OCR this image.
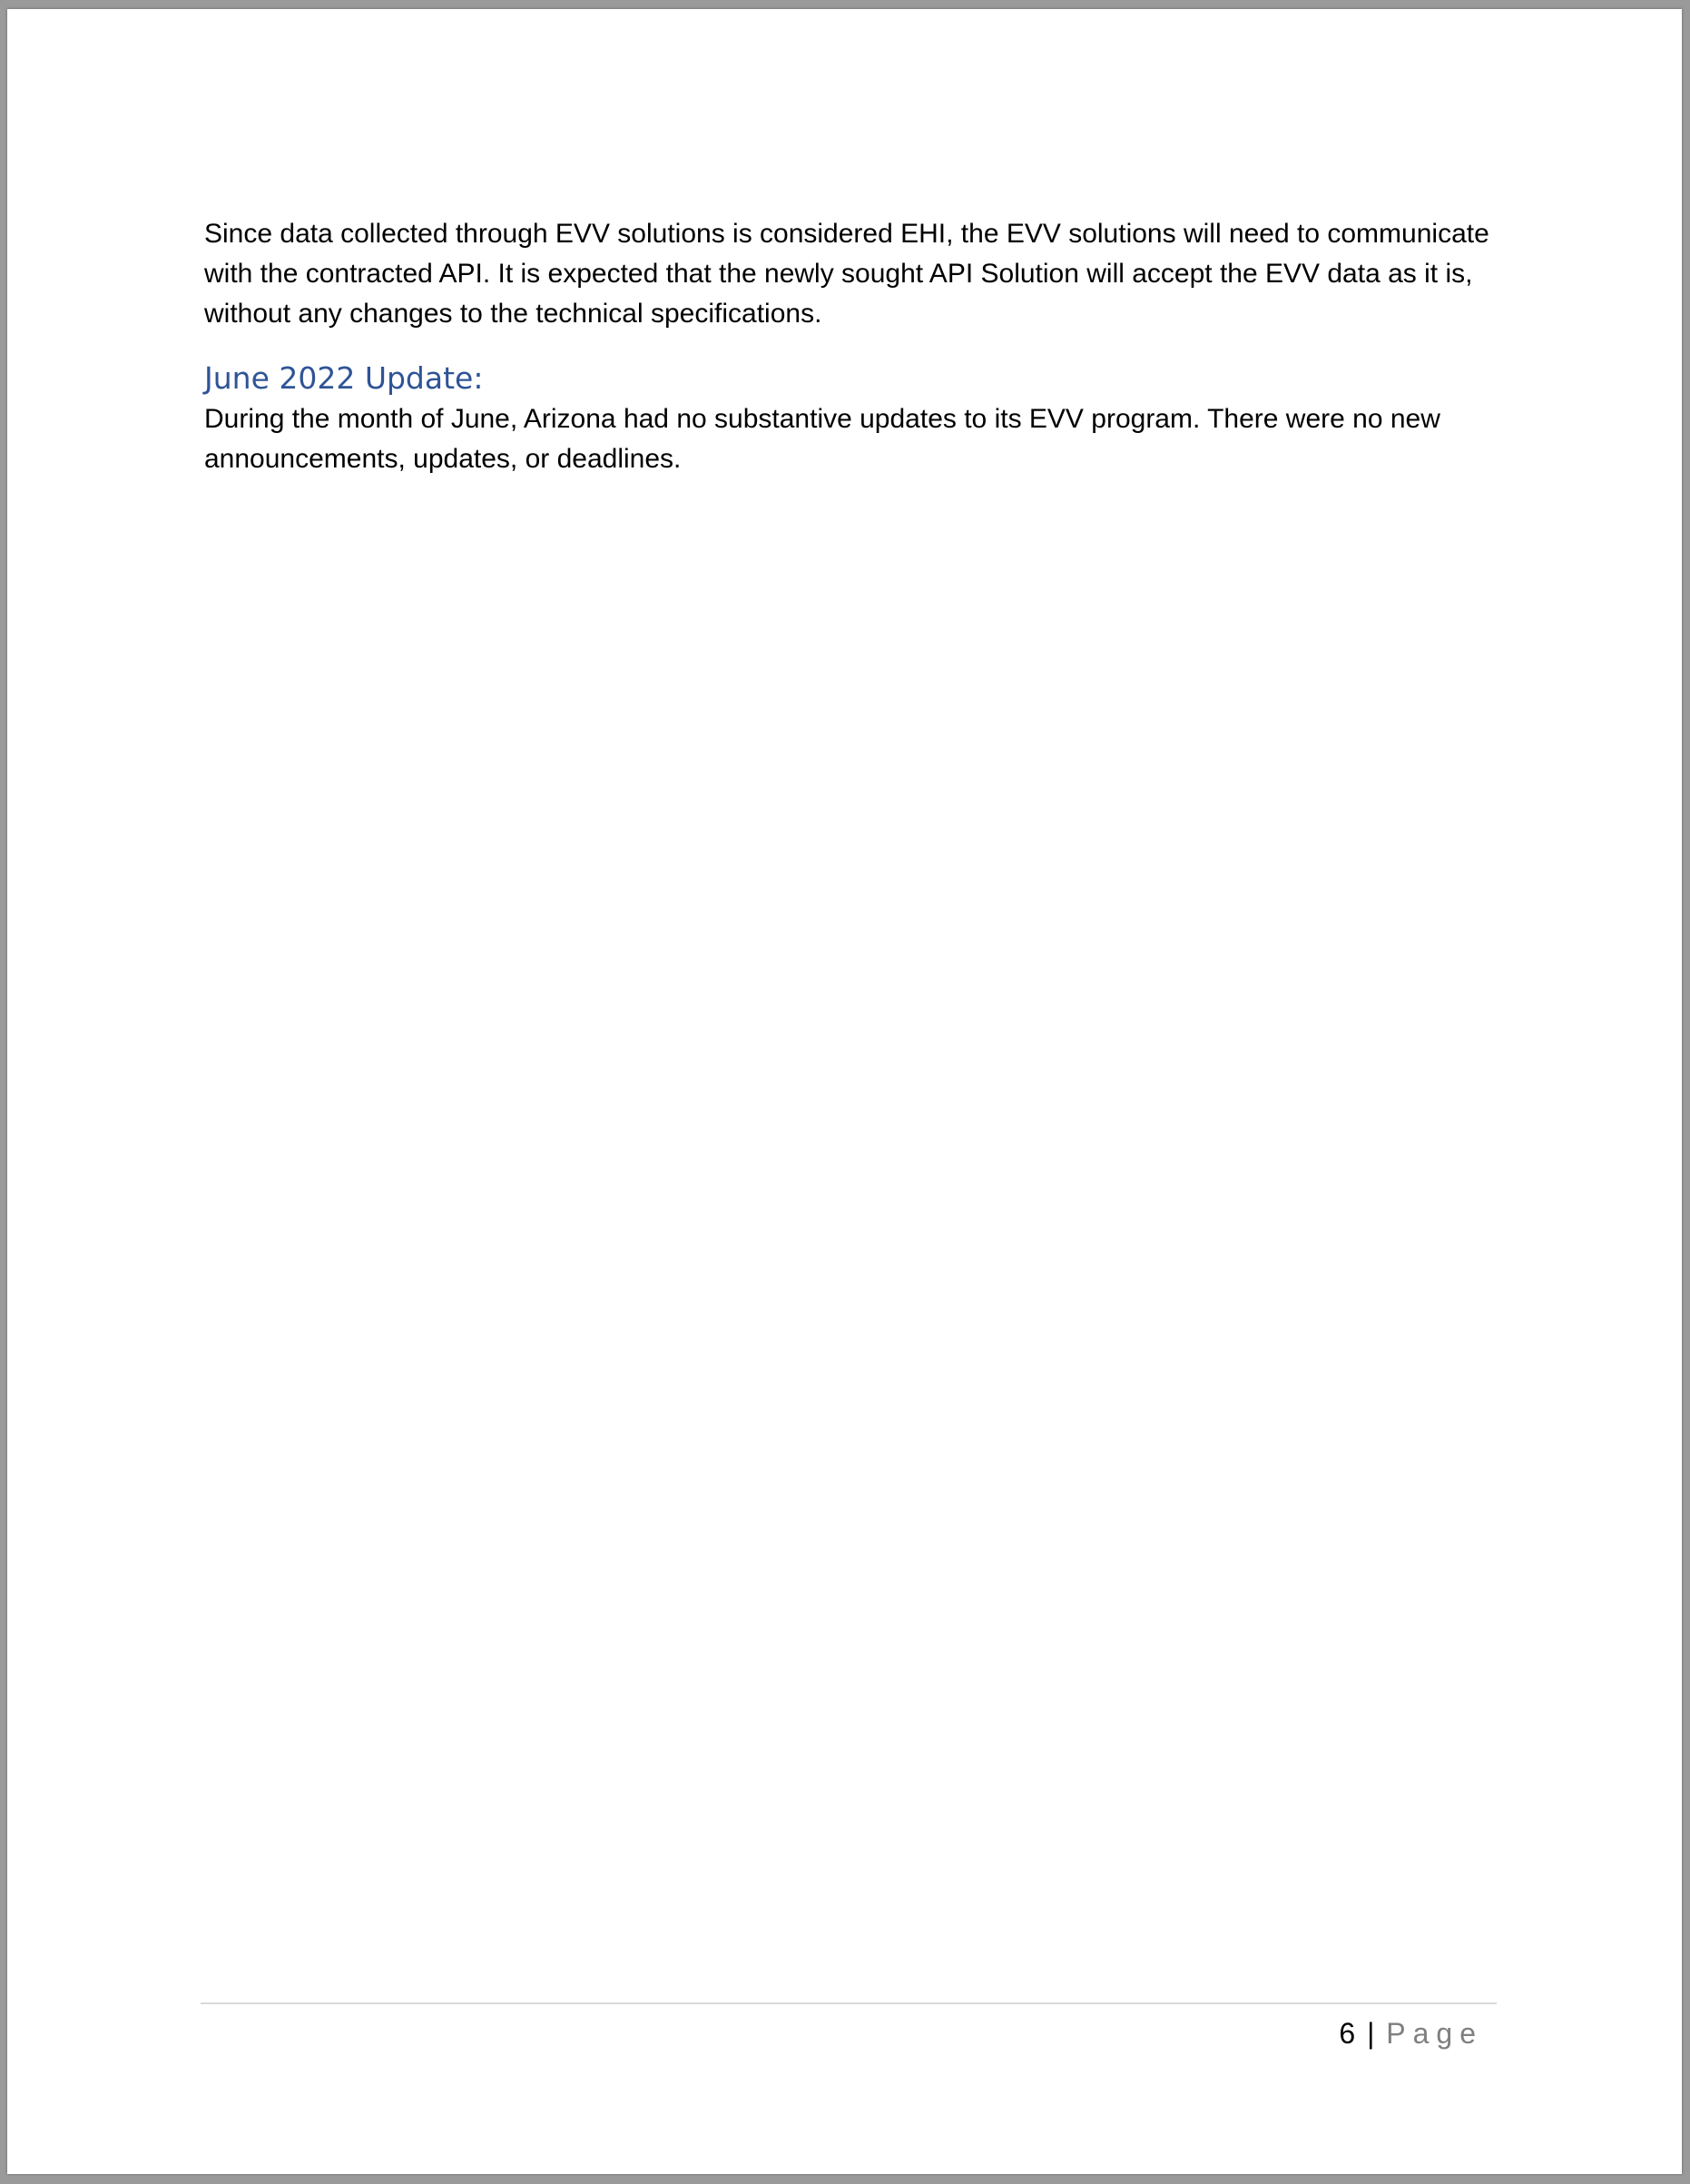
Since data collected through EVV solutions is considered EHI, the EVV solutions will need to communicate with the contracted API. It is expected that the newly sought API Solution will accept the EVV data as it is, without any changes to the technical specifications.

June 2022 Update:

During the month of June, Arizona had no substantive updates to its EVV program. There were no new announcements, updates, or deadlines.

6 | Page
